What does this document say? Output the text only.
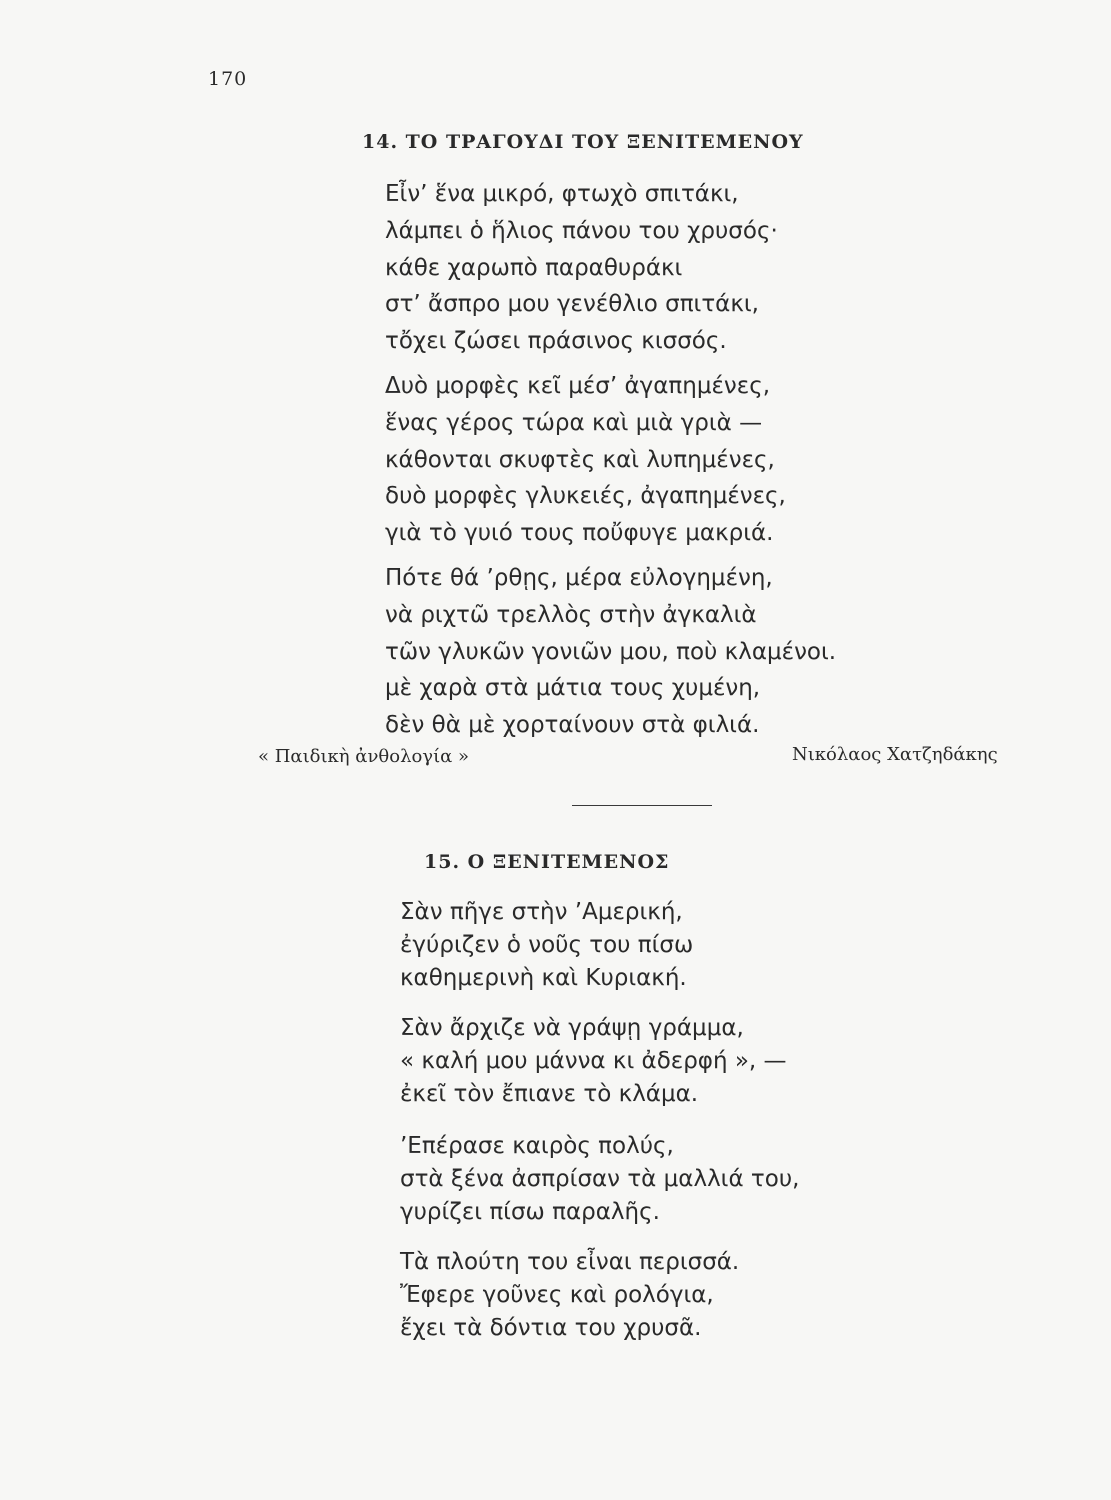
170
14. ΤΟ ΤΡΑΓΟΥΔΙ ΤΟΥ ΞΕΝΙΤΕΜΕΝΟΥ
Εἶν’ ἕνα μικρό, φτωχὸ σπιτάκι,
λάμπει ὁ ἥλιος πάνου του χρυσός·
κάθε χαρωπὸ παραθυράκι
στ’ ἄσπρο μου γενέθλιο σπιτάκι,
τὄχει ζώσει πράσινος κισσός.
Δυὸ μορφὲς κεῖ μέσ’ ἀγαπημένες,
ἕνας γέρος τώρα καὶ μιὰ γριὰ —
κάθονται σκυφτὲς καὶ λυπημένες,
δυὸ μορφὲς γλυκειές, ἀγαπημένες,
γιὰ τὸ γυιό τους ποὔφυγε μακριά.
Πότε θά ’ρθῃς, μέρα εὐλογημένη,
νὰ ριχτῶ τρελλὸς στὴν ἀγκαλιὰ
τῶν γλυκῶν γονιῶν μου, ποὺ κλαμένοι.
μὲ χαρὰ στὰ μάτια τους χυμένη,
δὲν θὰ μὲ χορταίνουν στὰ φιλιά.
« Παιδικὴ ἀνθολογία »	Νικόλαος Χατζηδάκης
15. Ο ΞΕΝΙΤΕΜΕΝΟΣ
Σὰν πῆγε στὴν ’Αμερική,
ἐγύριζεν ὁ νοῦς του πίσω
καθημερινὴ καὶ Κυριακή.
Σὰν ἄρχιζε νὰ γράψῃ γράμμα,
« καλή μου μάννα κι ἀδερφή », —
ἐκεῖ τὸν ἔπιανε τὸ κλάμα.
’Επέρασε καιρὸς πολύς,
στὰ ξένα ἀσπρίσαν τὰ μαλλιά του,
γυρίζει πίσω παραλῆς.
Τὰ πλούτη του εἶναι περισσά.
Ἔφερε γοῦνες καὶ ρολόγια,
ἔχει τὰ δόντια του χρυσᾶ.
